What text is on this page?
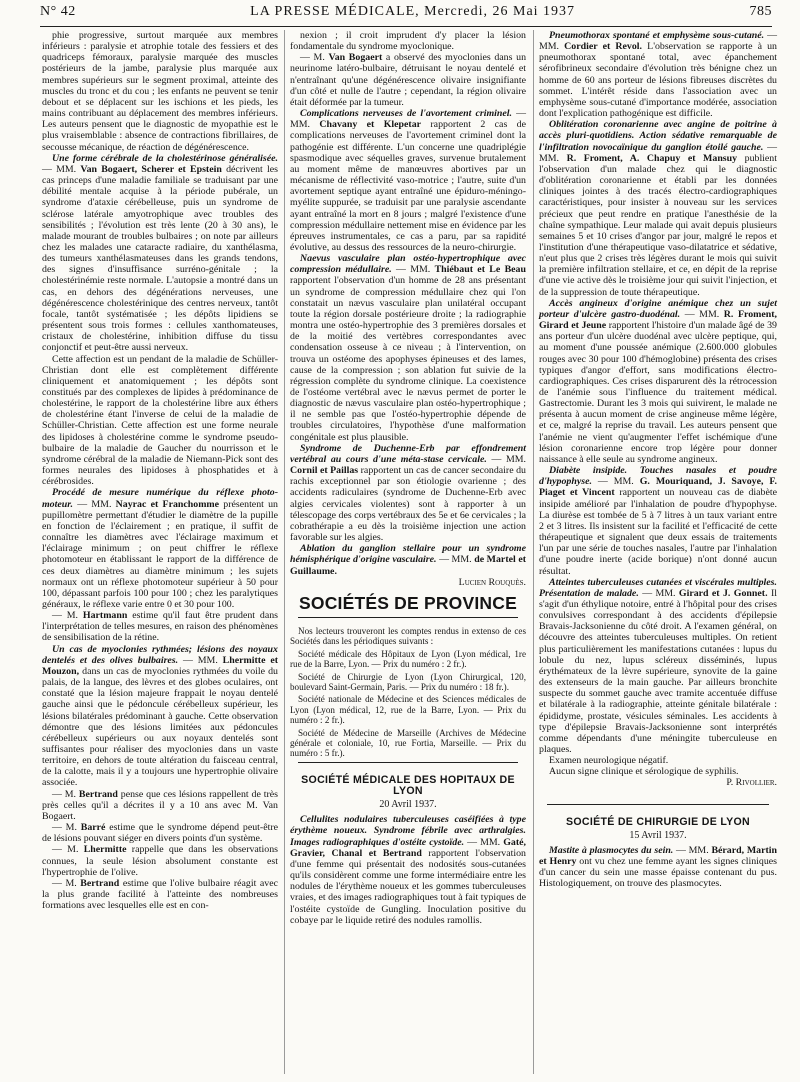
N° 42	LA PRESSE MÉDICALE, Mercredi, 26 Mai 1937	785

phie progressive, surtout marquée aux membres inférieurs : paralysie et atrophie totale des fessiers et des quadriceps fémoraux, paralysie marquée des muscles postérieurs de la jambe, paralysie plus marquée aux membres supérieurs sur le segment proximal, atteinte des muscles du tronc et du cou ; les enfants ne peuvent se tenir debout et se déplacent sur les ischions et les pieds, les mains contribuant au déplacement des membres inférieurs. Les auteurs pensent que le diagnostic de myopathie est le plus vraisemblable : absence de contractions fibrillaires, de secousse mécanique, de réaction de dégénérescence.

Une forme cérébrale de la cholestérinose généralisée. — MM. Van Bogaert, Scherer et Epstein décrivent les cas princeps d'une maladie familiale se traduisant par une débilité mentale acquise à la période pubérale, un syndrome d'ataxie cérébelleuse, puis un syndrome de sclérose latérale amyotrophique avec troubles des sensibilités ; l'évolution est très lente (20 à 30 ans), le malade mourant de troubles bulbaires ; on note par ailleurs chez les malades une cataracte radiaire, du xanthélasma, des tumeurs xanthélasmateuses dans les grands tendons, des signes d'insuffisance surréno-génitale ; la cholestérinémie reste normale. L'autopsie a montré dans un cas, en dehors des dégénérations nerveuses, une dégénérescence cholestérinique des centres nerveux, tantôt focale, tantôt systématisée ; les dépôts lipidiens se présentent sous trois formes : cellules xanthomateuses, cristaux de cholestérine, inhibition diffuse du tissu conjonctif et peut-être aussi nerveux.

Cette affection est un pendant de la maladie de Schüller-Christian dont elle est complètement différente cliniquement et anatomiquement ; les dépôts sont constitués par des complexes de lipides à prédominance de cholestérine, le rapport de la cholestérine libre aux éthers de cholestérine étant l'inverse de celui de la maladie de Schüller-Christian. Cette affection est une forme neurale des lipidoses à cholestérine comme le syndrome pseudo-bulbaire de la maladie de Gaucher du nourrisson et le syndrome cérébral de la maladie de Niemann-Pick sont des formes neurales des lipidoses à phosphatides et à cérébrosides.

Procédé de mesure numérique du réflexe photo-moteur. — MM. Nayrac et Franchomme présentent un pupillomètre permettant d'étudier le diamètre de la pupille en fonction de l'éclairement ; en pratique, il suffit de connaître les diamètres avec l'éclairage maximum et l'éclairage minimum ; on peut chiffrer le réflexe photomoteur en établissant le rapport de la différence de ces deux diamètres au diamètre minimum ; les sujets normaux ont un réflexe photomoteur supérieur à 50 pour 100, dépassant parfois 100 pour 100 ; chez les paralytiques généraux, le réflexe varie entre 0 et 30 pour 100.

— M. Hartmann estime qu'il faut être prudent dans l'interprétation de telles mesures, en raison des phénomènes de sensibilisation de la rétine.

Un cas de myoclonies rythmées; lésions des noyaux dentelés et des olives bulbaires. — MM. Lhermitte et Mouzon, dans un cas de myoclonies rythmées du voile du palais, de la langue, des lèvres et des globes oculaires, ont constaté que la lésion majeure frappait le noyau dentelé gauche ainsi que le pédoncule cérébelleux supérieur, les lésions bilatérales prédominant à gauche. Cette observation démontre que des lésions limitées aux pédoncules cérébelleux supérieurs ou aux noyaux dentelés sont suffisantes pour réaliser des myoclonies dans un vaste territoire, en dehors de toute altération du faisceau central, de la calotte, mais il y a toujours une hypertrophie olivaire associée.

— M. Bertrand pense que ces lésions rappellent de très près celles qu'il a décrites il y a 10 ans avec M. Van Bogaert.

— M. Barré estime que le syndrome dépend peut-être de lésions pouvant siéger en divers points d'un système.

— M. Lhermitte rappelle que dans les observations connues, la seule lésion absolument constante est l'hypertrophie de l'olive.

— M. Bertrand estime que l'olive bulbaire réagit avec la plus grande facilité à l'atteinte des nombreuses formations avec lesquelles elle est en con-

nexion ; il croit imprudent d'y placer la lésion fondamentale du syndrome myoclonique.

— M. Van Bogaert a observé des myoclonies dans un neurinome latéro-bulbaire, détruisant le noyau dentelé et n'entraînant qu'une dégénérescence olivaire insignifiante d'un côté et nulle de l'autre ; cependant, la région olivaire était déformée par la tumeur.

Complications nerveuses de l'avortement criminel. — MM. Chavany et Klepetar rapportent 2 cas de complications nerveuses de l'avortement criminel dont la pathogénie est différente. L'un concerne une quadriplégie spasmodique avec séquelles graves, survenue brutalement au moment même de manœuvres abortives par un mécanisme de réflectivité vaso-motrice ; l'autre, suite d'un avortement septique ayant entraîné une épiduro-méningo-myélite suppurée, se traduisit par une paralysie ascendante ayant entraîné la mort en 8 jours ; malgré l'existence d'une compression médullaire nettement mise en évidence par les épreuves instrumentales, ce cas a paru, par sa rapidité évolutive, au dessus des ressources de la neuro-chirurgie.

Naevus vasculaire plan ostéo-hypertrophique avec compression médullaire. — MM. Thiébaut et Le Beau rapportent l'observation d'un homme de 28 ans présentant un syndrome de compression médullaire chez qui l'on constatait un nævus vasculaire plan unilatéral occupant toute la région dorsale postérieure droite ; la radiographie montra une ostéo-hypertrophie des 3 premières dorsales et de la moitié des vertèbres correspondantes avec condensation osseuse à ce niveau ; à l'intervention, on trouva un ostéome des apophyses épineuses et des lames, cause de la compression ; son ablation fut suivie de la régression complète du syndrome clinique. La coexistence de l'ostéome vertébral avec le nævus permet de porter le diagnostic de nævus vasculaire plan ostéo-hypertrophique ; il ne semble pas que l'ostéo-hypertrophie dépende de troubles circulatoires, l'hypothèse d'une malformation congénitale est plus plausible.

Syndrome de Duchenne-Erb par effondrement vertébral au cours d'une méta-stase cervicale. — MM. Cornil et Paillas rapportent un cas de cancer secondaire du rachis exceptionnel par son étiologie ovarienne ; des accidents radiculaires (syndrome de Duchenne-Erb avec algies cervicales violentes) sont à rapporter à un télescopage des corps vertébraux des 5e et 6e cervicales ; la cobrathérapie a eu dès la troisième injection une action favorable sur les algies.

Ablation du ganglion stellaire pour un syndrome hémisphérique d'origine vasculaire. — MM. de Martel et Guillaume.

Lucien Rouquès.

SOCIÉTÉS DE PROVINCE

Nos lecteurs trouveront les comptes rendus in extenso de ces Sociétés dans les périodiques suivants :

Société médicale des Hôpitaux de Lyon (Lyon médical, 1re rue de la Barre, Lyon. — Prix du numéro : 2 fr.).

Société de Chirurgie de Lyon (Lyon Chirurgical, 120, boulevard Saint-Germain, Paris. — Prix du numéro : 18 fr.).

Société nationale de Médecine et des Sciences médicales de Lyon (Lyon médical, 12, rue de la Barre, Lyon. — Prix du numéro : 2 fr.).

Société de Médecine de Marseille (Archives de Médecine générale et coloniale, 10, rue Fortia, Marseille. — Prix du numéro : 5 fr.).

SOCIÉTÉ MÉDICALE DES HOPITAUX DE LYON
20 Avril 1937.

Cellulites nodulaires tuberculeuses caséifiées à type érythème noueux. Syndrome fébrile avec arthralgies. Images radiographiques d'ostéite cystoïde. — MM. Gaté, Gravier, Chanal et Bertrand rapportent l'observation d'une femme qui présentait des nodosités sous-cutanées qu'ils considèrent comme une forme intermédiaire entre les nodules de l'érythème noueux et les gommes tuberculeuses vraies, et des images radiographiques tout à fait typiques de l'ostéite cystoïde de Gungling. Inoculation positive du cobaye par le liquide retiré des nodules ramollis.

Pneumothorax spontané et emphysème sous-cutané. — MM. Cordier et Revol. L'observation se rapporte à un pneumothorax spontané total, avec épanchement sérofibrineux secondaire d'évolution très bénigne chez un homme de 60 ans porteur de lésions fibreuses discrètes du sommet. L'intérêt réside dans l'association avec un emphysème sous-cutané d'importance modérée, association dont l'explication pathogénique est difficile.

Oblitération coronarienne avec angine de poitrine à accès pluri-quotidiens. Action sédative remarquable de l'infiltration novocaïnique du ganglion étoilé gauche. — MM. R. Froment, A. Chapuy et Mansuy publient l'observation d'un malade chez qui le diagnostic d'oblitération coronarienne et établi par les données cliniques jointes à des tracés électro-cardiographiques caractéristiques, pour insister à nouveau sur les services précieux que peut rendre en pratique l'anesthésie de la chaîne sympathique. Leur malade qui avait depuis plusieurs semaines 5 et 10 crises d'angor par jour, malgré le repos et l'institution d'une thérapeutique vaso-dilatatrice et sédative, n'eut plus que 2 crises très légères durant le mois qui suivit la première infiltration stellaire, et ce, en dépit de la reprise d'une vie active dès le troisième jour qui suivit l'injection, et de la suppression de toute thérapeutique.

Accès angineux d'origine anémique chez un sujet porteur d'ulcère gastro-duodénal. — MM. R. Froment, Girard et Jeune rapportent l'histoire d'un malade âgé de 39 ans porteur d'un ulcère duodénal avec ulcère peptique, qui, au moment d'une poussée anémique (2.600.000 globules rouges avec 30 pour 100 d'hémoglobine) présenta des crises typiques d'angor d'effort, sans modifications électro-cardiographiques. Ces crises disparurent dès la rétrocession de l'anémie sous l'influence du traitement médical. Gastrectomie. Durant les 3 mois qui suivirent, le malade ne présenta à aucun moment de crise angineuse même légère, et ce, malgré la reprise du travail. Les auteurs pensent que l'anémie ne vient qu'augmenter l'effet ischémique d'une lésion coronarienne encore trop légère pour donner naissance à elle seule au syndrome angineux.

Diabète insipide. Touches nasales et poudre d'hypophyse. — MM. G. Mouriquand, J. Savoye, F. Piaget et Vincent rapportent un nouveau cas de diabète insipide amélioré par l'inhalation de poudre d'hypophyse. La diurèse est tombée de 5 à 7 litres à un taux variant entre 2 et 3 litres. Ils insistent sur la facilité et l'efficacité de cette thérapeutique et signalent que deux essais de traitements l'un par une série de touches nasales, l'autre par l'inhalation d'une poudre inerte (acide borique) n'ont donné aucun résultat.

Atteintes tuberculeuses cutanées et viscérales multiples. Présentation de malade. — MM. Girard et J. Gonnet. Il s'agit d'un éthylique notoire, entré à l'hôpital pour des crises convulsives correspondant à des accidents d'épilepsie Bravais-Jacksonienne du côté droit. A l'examen général, on découvre des atteintes tuberculeuses multiples. On retient plus particulièrement les manifestations cutanées : lupus du lobule du nez, lupus scléreux disséminés, lupus érythémateux de la lèvre supérieure, synovite de la gaine des extenseurs de la main gauche. Par ailleurs bronchite suspecte du sommet gauche avec tramite accentuée diffuse et bilatérale à la radiographie, atteinte génitale bilatérale : épididyme, prostate, vésicules séminales. Les accidents à type d'épilepsie Bravais-Jacksonienne sont interprétés comme dépendants d'une méningite tuberculeuse en plaques.

Examen neurologique négatif.

Aucun signe clinique et sérologique de syphilis.

P. Rivollier.

SOCIÉTÉ DE CHIRURGIE DE LYON
15 Avril 1937.

Mastite à plasmocytes du sein. — MM. Bérard, Martin et Henry ont vu chez une femme ayant les signes cliniques d'un cancer du sein une masse épaisse contenant du pus. Histologiquement, on trouve des plasmocytes.
